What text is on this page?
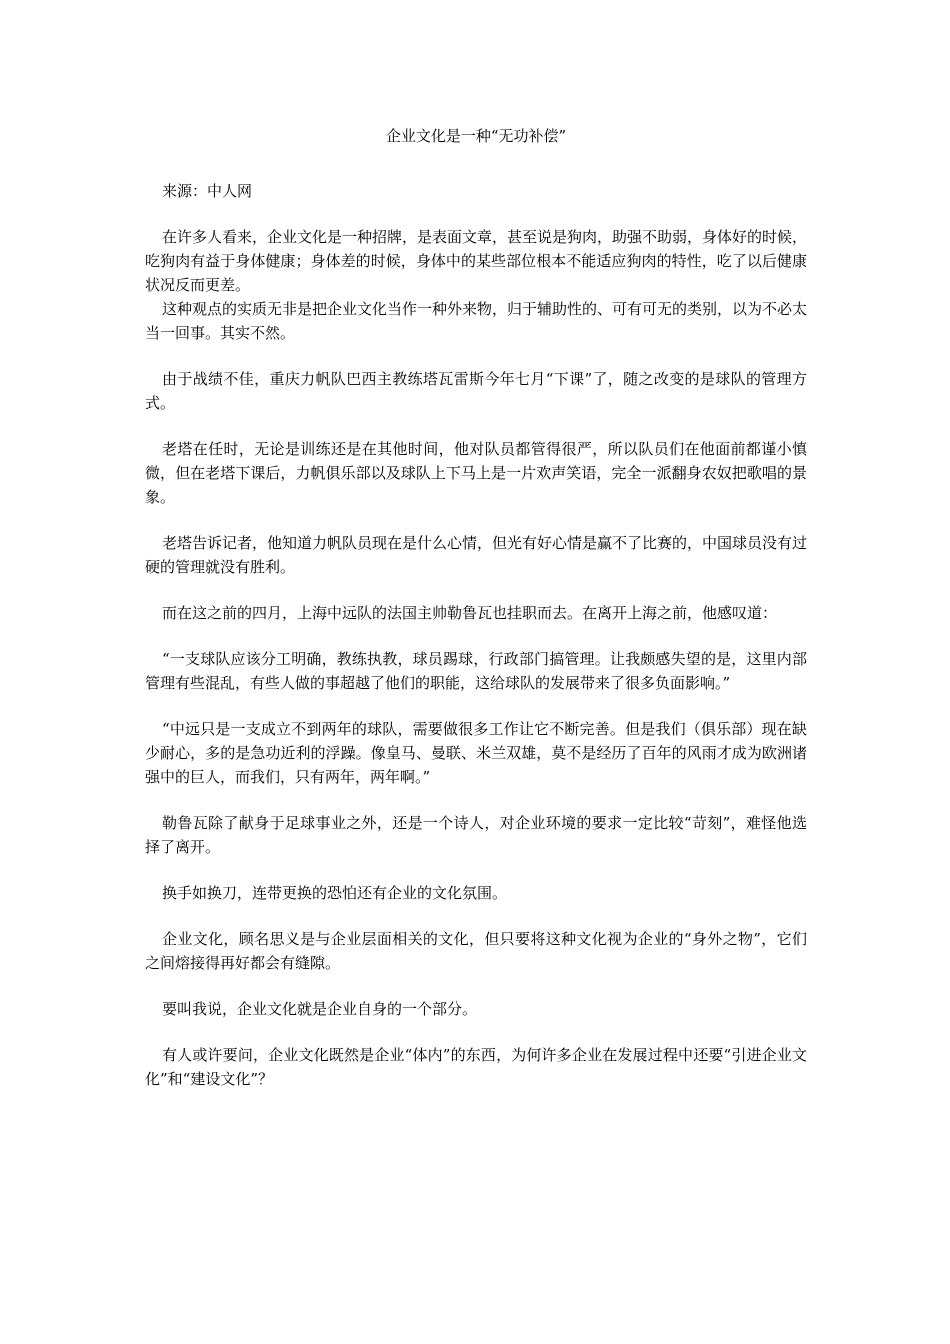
企业文化是一种“无功补偿”

来源：中人网

在许多人看来，企业文化是一种招牌，是表面文章，甚至说是狗肉，助强不助弱，身体好的时候，吃狗肉有益于身体健康；身体差的时候，身体中的某些部位根本不能适应狗肉的特性，吃了以后健康状况反而更差。

这种观点的实质无非是把企业文化当作一种外来物，归于辅助性的、可有可无的类别，以为不必太当一回事。其实不然。

由于战绩不佳，重庆力帆队巴西主教练塔瓦雷斯今年七月“下课”了，随之改变的是球队的管理方式。

老塔在任时，无论是训练还是在其他时间，他对队员都管得很严，所以队员们在他面前都谨小慎微，但在老塔下课后，力帆俱乐部以及球队上下马上是一片欢声笑语，完全一派翻身农奴把歌唱的景象。

老塔告诉记者，他知道力帆队员现在是什么心情，但光有好心情是赢不了比赛的，中国球员没有过硬的管理就没有胜利。

而在这之前的四月，上海中远队的法国主帅勒鲁瓦也挂职而去。在离开上海之前，他感叹道：

“一支球队应该分工明确，教练执教，球员踢球，行政部门搞管理。让我颇感失望的是，这里内部管理有些混乱，有些人做的事超越了他们的职能，这给球队的发展带来了很多负面影响。”

“中远只是一支成立不到两年的球队，需要做很多工作让它不断完善。但是我们（俱乐部）现在缺少耐心，多的是急功近利的浮躁。像皇马、曼联、米兰双雄，莫不是经历了百年的风雨才成为欧洲诸强中的巨人，而我们，只有两年，两年啊。”

勒鲁瓦除了献身于足球事业之外，还是一个诗人，对企业环境的要求一定比较“苛刻”，难怪他选择了离开。

换手如换刀，连带更换的恐怕还有企业的文化氛围。

企业文化，顾名思义是与企业层面相关的文化，但只要将这种文化视为企业的“身外之物”，它们之间熔接得再好都会有缝隙。

要叫我说，企业文化就是企业自身的一个部分。

有人或许要问，企业文化既然是企业“体内”的东西，为何许多企业在发展过程中还要“引进企业文化”和“建设文化”？
